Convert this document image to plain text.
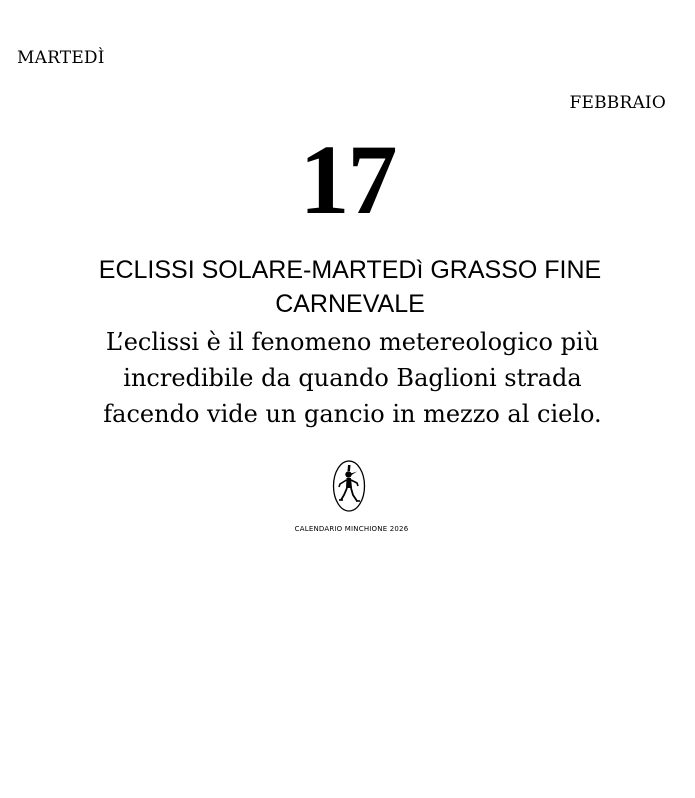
MARTEDÌ
FEBBRAIO
17
ECLISSI SOLARE-MARTEDì GRASSO FINE
CARNEVALE
L’eclissi è il fenomeno metereologico più
incredibile da quando Baglioni strada
facendo vide un gancio in mezzo al cielo.
CALENDARIO MINCHIONE 2026
